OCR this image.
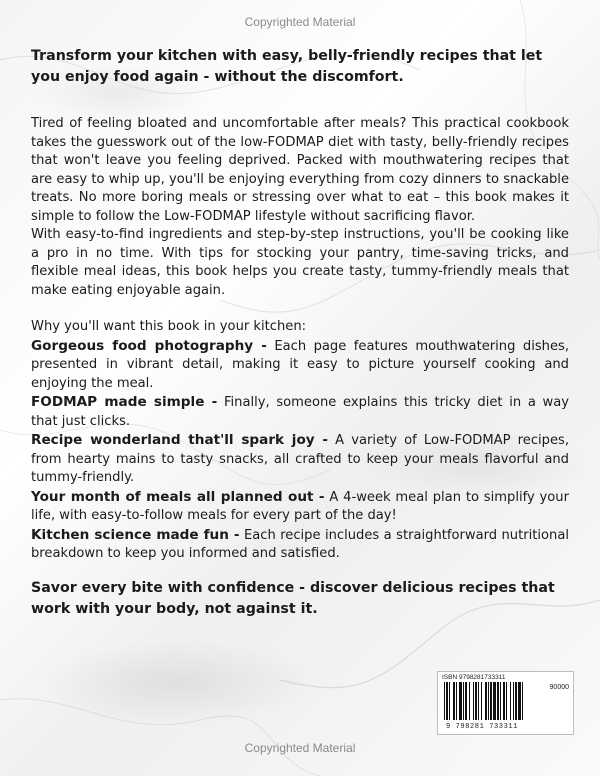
Copyrighted Material

Transform your kitchen with easy, belly-friendly recipes that let you enjoy food again - without the discomfort.

Tired of feeling bloated and uncomfortable after meals? This practical cookbook takes the guesswork out of the low-FODMAP diet with tasty, belly-friendly recipes that won't leave you feeling deprived. Packed with mouthwatering recipes that are easy to whip up, you'll be enjoying everything from cozy dinners to snackable treats. No more boring meals or stressing over what to eat – this book makes it simple to follow the Low-FODMAP lifestyle without sacrificing flavor.

With easy-to-find ingredients and step-by-step instructions, you'll be cooking like a pro in no time. With tips for stocking your pantry, time-saving tricks, and flexible meal ideas, this book helps you create tasty, tummy-friendly meals that make eating enjoyable again.

Why you'll want this book in your kitchen:

Gorgeous food photography - Each page features mouthwatering dishes, presented in vibrant detail, making it easy to picture yourself cooking and enjoying the meal.

FODMAP made simple - Finally, someone explains this tricky diet in a way that just clicks.

Recipe wonderland that'll spark joy - A variety of Low-FODMAP recipes, from hearty mains to tasty snacks, all crafted to keep your meals flavorful and tummy-friendly.

Your month of meals all planned out - A 4-week meal plan to simplify your life, with easy-to-follow meals for every part of the day!

Kitchen science made fun - Each recipe includes a straightforward nutritional breakdown to keep you informed and satisfied.

Savor every bite with confidence - discover delicious recipes that work with your body, not against it.

ISBN 9798281733311
90000
9 798281 733311
Copyrighted Material
